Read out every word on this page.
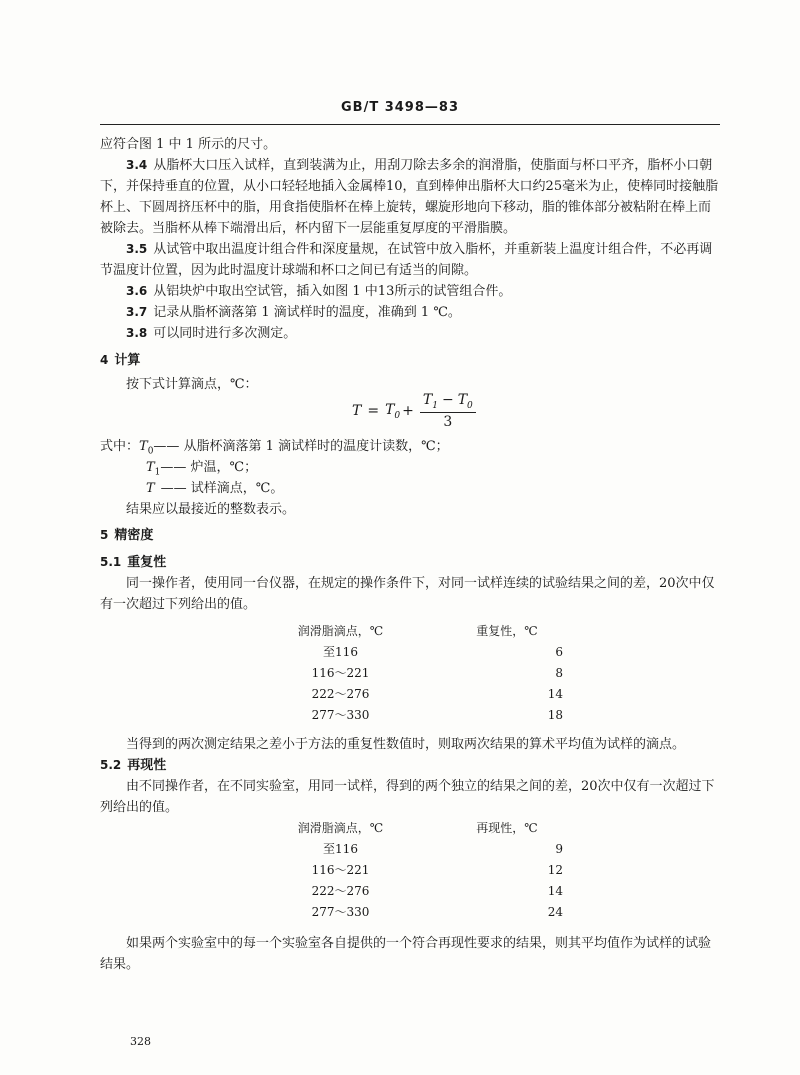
GB/T 3498—83

应符合图 1 中 1 所示的尺寸。

3.4 从脂杯大口压入试样，直到装满为止，用刮刀除去多余的润滑脂，使脂面与杯口平齐，脂杯小口朝下，并保持垂直的位置，从小口轻轻地插入金属棒10，直到棒伸出脂杯大口约25毫米为止，使棒同时接触脂杯上、下圆周挤压杯中的脂，用食指使脂杯在棒上旋转，螺旋形地向下移动，脂的锥体部分被粘附在棒上而被除去。当脂杯从棒下端滑出后，杯内留下一层能重复厚度的平滑脂膜。

3.5 从试管中取出温度计组合件和深度量规，在试管中放入脂杯，并重新装上温度计组合件，不必再调节温度计位置，因为此时温度计球端和杯口之间已有适当的间隙。

3.6 从铝块炉中取出空试管，插入如图 1 中13所示的试管组合件。

3.7 记录从脂杯滴落第 1 滴试样时的温度，准确到 1 ℃。

3.8 可以同时进行多次测定。

4 计算

按下式计算滴点，℃：

$T = T_0 + \frac{T_1 - T_0}{3}$
式中：$T_0——$ 从脂杯滴落第 1 滴试样时的温度计读数，℃；
$T_1——$ 炉温，℃；
T —— 试样滴点，℃。

结果应以最接近的整数表示。

5 精密度

5.1 重复性

同一操作者，使用同一台仪器，在规定的操作条件下，对同一试样连续的试验结果之间的差，20次中仅有一次超过下列给出的值。

润滑脂滴点，℃	重复性，℃
至116	6
116～221	8
222～276	14
277～330	18

当得到的两次测定结果之差小于方法的重复性数值时，则取两次结果的算术平均值为试样的滴点。

5.2 再现性

由不同操作者，在不同实验室，用同一试样，得到的两个独立的结果之间的差，20次中仅有一次超过下列给出的值。

润滑脂滴点，℃	再现性，℃
至116	9
116～221	12
222～276	14
277～330	24

如果两个实验室中的每一个实验室各自提供的一个符合再现性要求的结果，则其平均值作为试样的试验结果。

328
